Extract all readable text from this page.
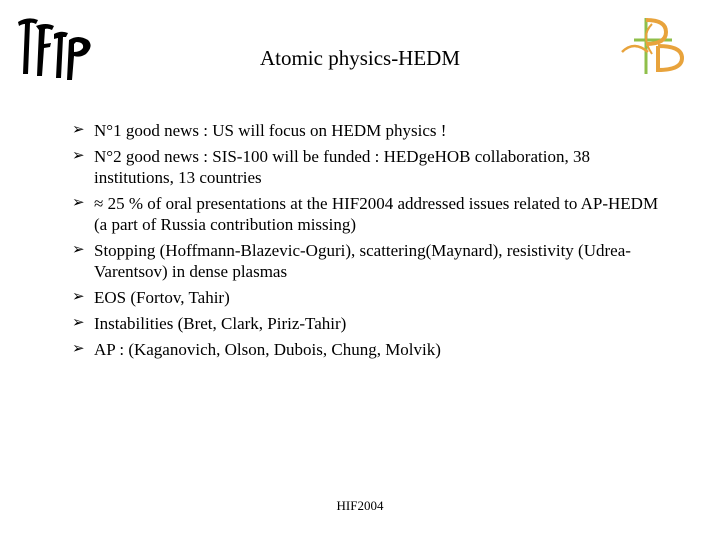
Atomic physics-HEDM
➢ N°1 good news : US will focus on HEDM physics !
➢ N°2 good news : SIS-100 will be funded : HEDgeHOB collaboration, 38 institutions, 13 countries
➢ ≈ 25 % of oral presentations at the HIF2004 addressed issues related to AP-HEDM (a part of Russia contribution missing)
➢ Stopping (Hoffmann-Blazevic-Oguri), scattering(Maynard), resistivity (Udrea-Varentsov) in dense plasmas
➢ EOS (Fortov, Tahir)
➢ Instabilities (Bret, Clark, Piriz-Tahir)
➢ AP : (Kaganovich, Olson, Dubois, Chung, Molvik)
HIF2004
